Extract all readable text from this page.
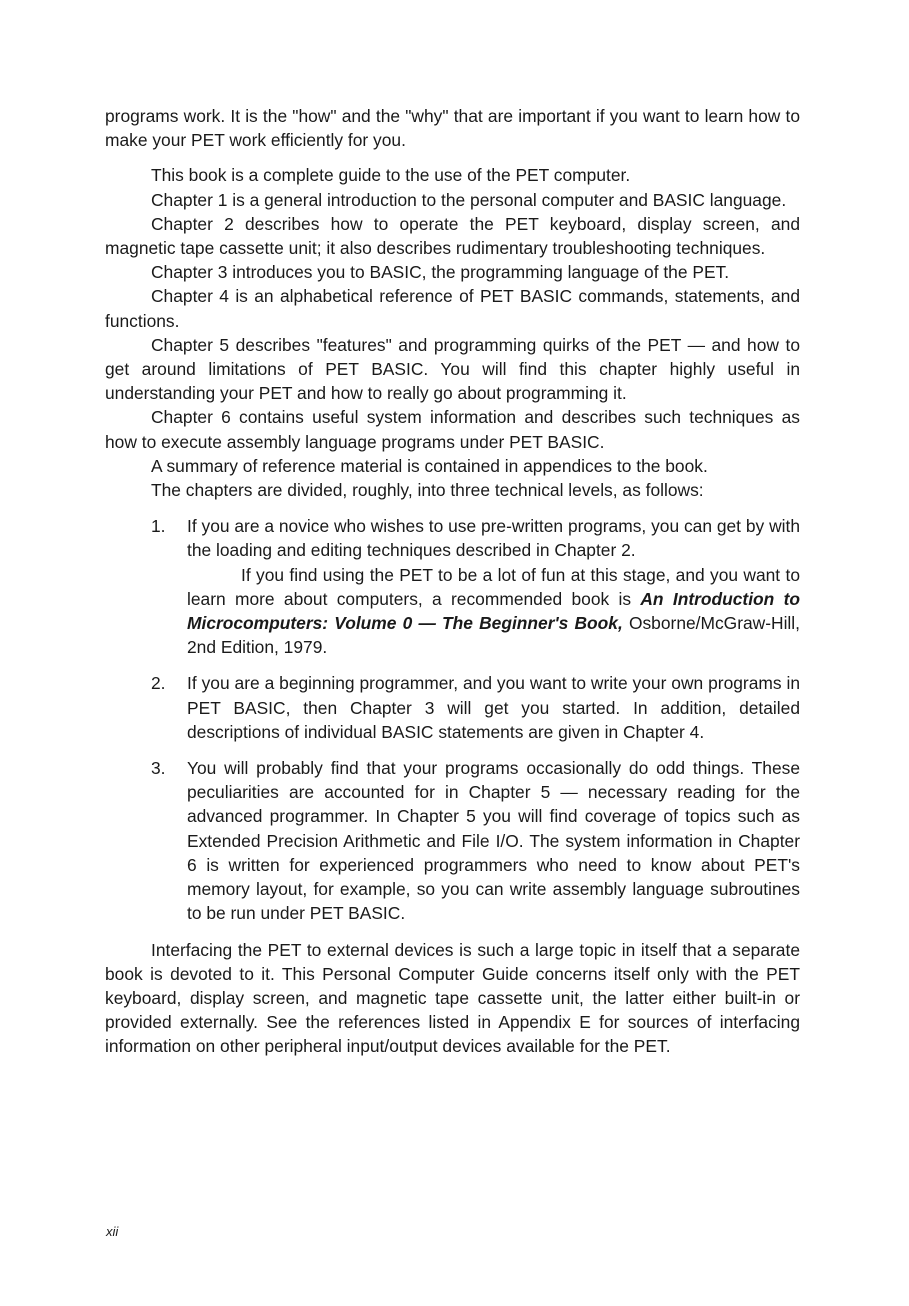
programs work. It is the "how" and the "why" that are important if you want to learn how to make your PET work efficiently for you.

This book is a complete guide to the use of the PET computer.

Chapter 1 is a general introduction to the personal computer and BASIC language.

Chapter 2 describes how to operate the PET keyboard, display screen, and magnetic tape cassette unit; it also describes rudimentary troubleshooting techniques.

Chapter 3 introduces you to BASIC, the programming language of the PET.

Chapter 4 is an alphabetical reference of PET BASIC commands, statements, and functions.

Chapter 5 describes "features" and programming quirks of the PET — and how to get around limitations of PET BASIC. You will find this chapter highly useful in understanding your PET and how to really go about programming it.

Chapter 6 contains useful system information and describes such techniques as how to execute assembly language programs under PET BASIC.

A summary of reference material is contained in appendices to the book.

The chapters are divided, roughly, into three technical levels, as follows:

1. If you are a novice who wishes to use pre-written programs, you can get by with the loading and editing techniques described in Chapter 2.

If you find using the PET to be a lot of fun at this stage, and you want to learn more about computers, a recommended book is An Introduction to Microcomputers: Volume 0 — The Beginner's Book, Osborne/McGraw-Hill, 2nd Edition, 1979.

2. If you are a beginning programmer, and you want to write your own programs in PET BASIC, then Chapter 3 will get you started. In addition, detailed descriptions of individual BASIC statements are given in Chapter 4.

3. You will probably find that your programs occasionally do odd things. These peculiarities are accounted for in Chapter 5 — necessary reading for the advanced programmer. In Chapter 5 you will find coverage of topics such as Extended Precision Arithmetic and File I/O. The system information in Chapter 6 is written for experienced programmers who need to know about PET's memory layout, for example, so you can write assembly language subroutines to be run under PET BASIC.

Interfacing the PET to external devices is such a large topic in itself that a separate book is devoted to it. This Personal Computer Guide concerns itself only with the PET keyboard, display screen, and magnetic tape cassette unit, the latter either built-in or provided externally. See the references listed in Appendix E for sources of interfacing information on other peripheral input/output devices available for the PET.

xii
